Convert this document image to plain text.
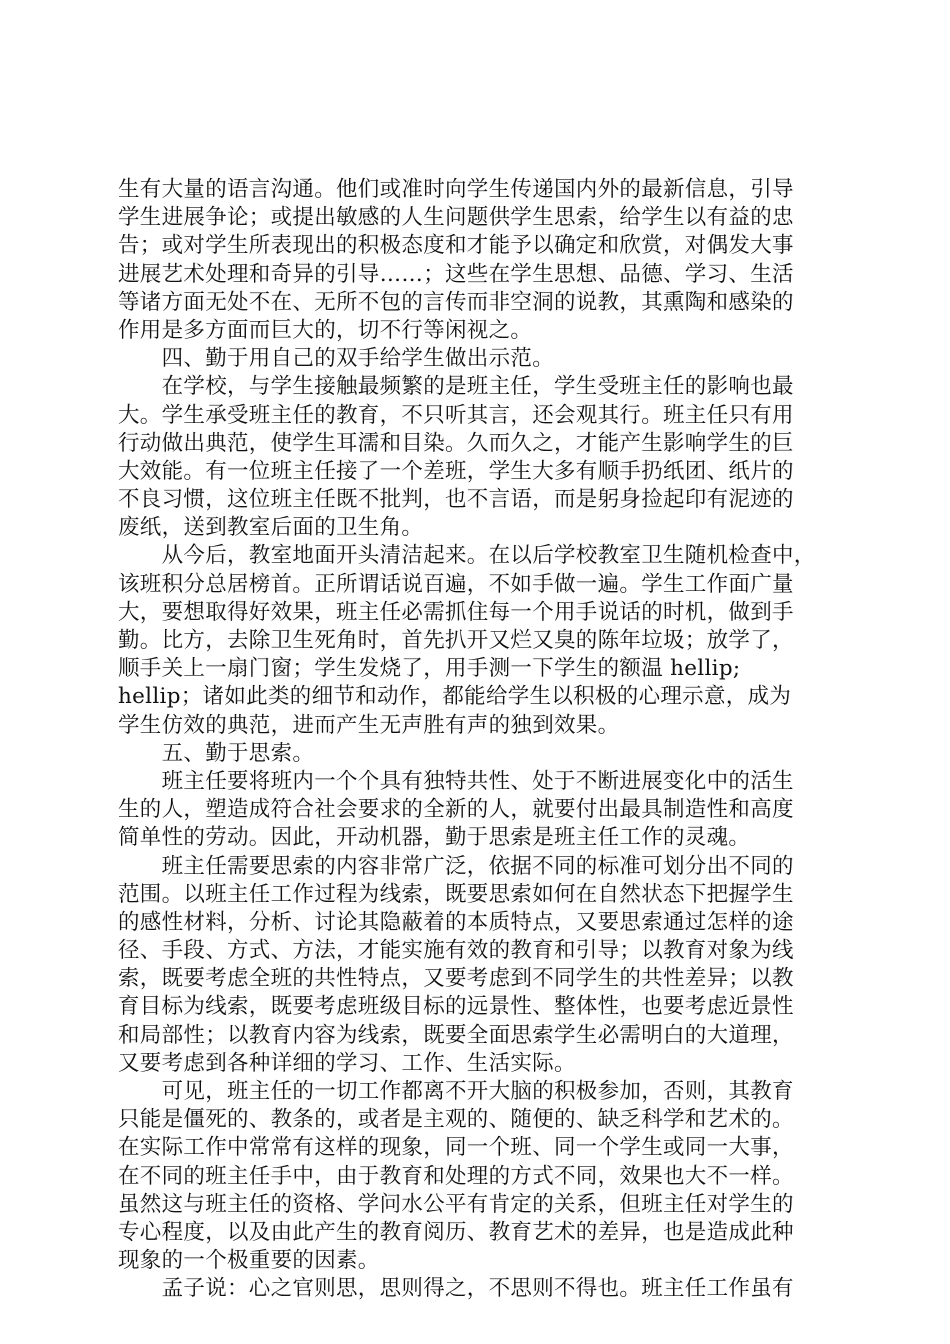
生有大量的语言沟通。他们或准时向学生传递国内外的最新信息，引导
学生进展争论；或提出敏感的人生问题供学生思索，给学生以有益的忠
告；或对学生所表现出的积极态度和才能予以确定和欣赏，对偶发大事
进展艺术处理和奇异的引导……；这些在学生思想、品德、学习、生活
等诸方面无处不在、无所不包的言传而非空洞的说教，其熏陶和感染的
作用是多方面而巨大的，切不行等闲视之。
　　四、勤于用自己的双手给学生做出示范。
　　在学校，与学生接触最频繁的是班主任，学生受班主任的影响也最
大。学生承受班主任的教育，不只听其言，还会观其行。班主任只有用
行动做出典范，使学生耳濡和目染。久而久之，才能产生影响学生的巨
大效能。有一位班主任接了一个差班，学生大多有顺手扔纸团、纸片的
不良习惯，这位班主任既不批判，也不言语，而是躬身捡起印有泥迹的
废纸，送到教室后面的卫生角。
　　从今后，教室地面开头清洁起来。在以后学校教室卫生随机检查中，
该班积分总居榜首。正所谓话说百遍，不如手做一遍。学生工作面广量
大，要想取得好效果，班主任必需抓住每一个用手说话的时机，做到手
勤。比方，去除卫生死角时，首先扒开又烂又臭的陈年垃圾；放学了，
顺手关上一扇门窗；学生发烧了，用手测一下学生的额温 hellip;
hellip；诸如此类的细节和动作，都能给学生以积极的心理示意，成为
学生仿效的典范，进而产生无声胜有声的独到效果。
　　五、勤于思索。
　　班主任要将班内一个个具有独特共性、处于不断进展变化中的活生
生的人，塑造成符合社会要求的全新的人，就要付出最具制造性和高度
简单性的劳动。因此，开动机器，勤于思索是班主任工作的灵魂。
　　班主任需要思索的内容非常广泛，依据不同的标准可划分出不同的
范围。以班主任工作过程为线索，既要思索如何在自然状态下把握学生
的感性材料，分析、讨论其隐蔽着的本质特点，又要思索通过怎样的途
径、手段、方式、方法，才能实施有效的教育和引导；以教育对象为线
索，既要考虑全班的共性特点，又要考虑到不同学生的共性差异；以教
育目标为线索，既要考虑班级目标的远景性、整体性，也要考虑近景性
和局部性；以教育内容为线索，既要全面思索学生必需明白的大道理，
又要考虑到各种详细的学习、工作、生活实际。
　　可见，班主任的一切工作都离不开大脑的积极参加，否则，其教育
只能是僵死的、教条的，或者是主观的、随便的、缺乏科学和艺术的。
在实际工作中常常有这样的现象，同一个班、同一个学生或同一大事，
在不同的班主任手中，由于教育和处理的方式不同，效果也大不一样。
虽然这与班主任的资格、学问水公平有肯定的关系，但班主任对学生的
专心程度，以及由此产生的教育阅历、教育艺术的差异，也是造成此种
现象的一个极重要的因素。
　　孟子说：心之官则思，思则得之，不思则不得也。班主任工作虽有
